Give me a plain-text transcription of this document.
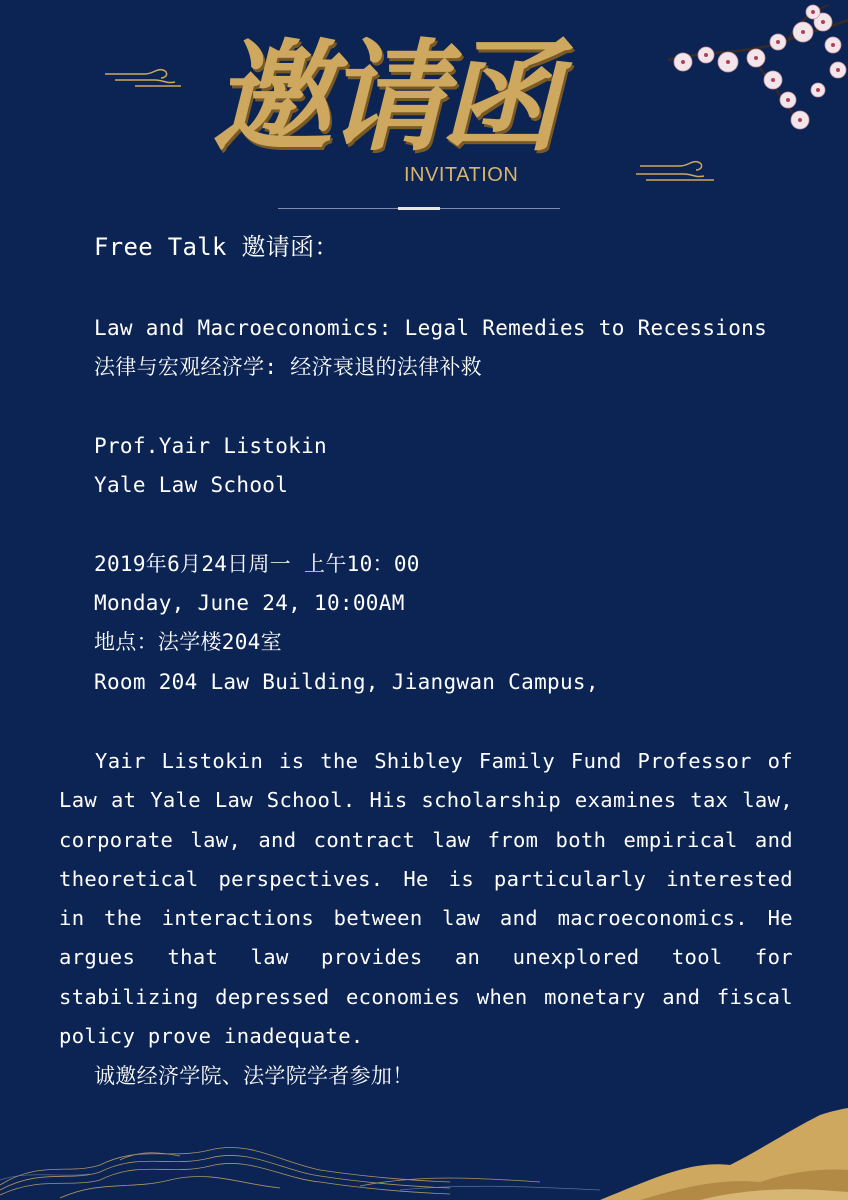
邀请函
INVITATION
Free Talk 邀请函：
Law and Macroeconomics: Legal Remedies to Recessions
法律与宏观经济学: 经济衰退的法律补救
Prof.Yair Listokin
Yale Law School
2019年6月24日周一 上午10：00
Monday, June 24, 10:00AM
地点：法学楼204室
Room 204 Law Building, Jiangwan Campus,
Yair Listokin is the Shibley Family Fund Professor of Law at Yale Law School. His scholarship examines tax law, corporate law, and contract law from both empirical and theoretical perspectives. He is particularly interested in the interactions between law and macroeconomics. He argues that law provides an unexplored tool for stabilizing depressed economies when monetary and fiscal policy prove inadequate.
诚邀经济学院、法学院学者参加！
